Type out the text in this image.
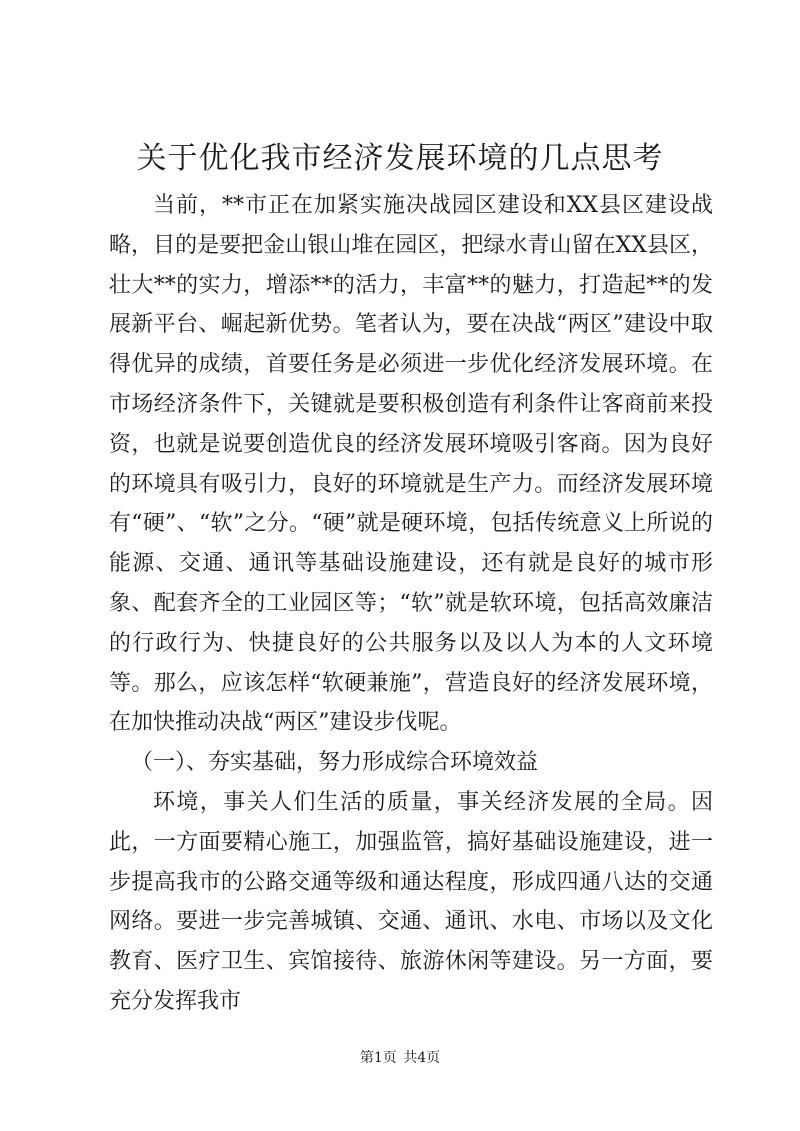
关于优化我市经济发展环境的几点思考

当前，**市正在加紧实施决战园区建设和XX县区建设战略，目的是要把金山银山堆在园区，把绿水青山留在XX县区，壮大**的实力，增添**的活力，丰富**的魅力，打造起**的发展新平台、崛起新优势。笔者认为，要在决战“两区”建设中取得优异的成绩，首要任务是必须进一步优化经济发展环境。在市场经济条件下，关键就是要积极创造有利条件让客商前来投资，也就是说要创造优良的经济发展环境吸引客商。因为良好的环境具有吸引力，良好的环境就是生产力。而经济发展环境有“硬”、“软”之分。“硬”就是硬环境，包括传统意义上所说的能源、交通、通讯等基础设施建设，还有就是良好的城市形象、配套齐全的工业园区等；“软”就是软环境，包括高效廉洁的行政行为、快捷良好的公共服务以及以人为本的人文环境等。那么，应该怎样“软硬兼施”，营造良好的经济发展环境，在加快推动决战“两区”建设步伐呢。

（一）、夯实基础，努力形成综合环境效益

环境，事关人们生活的质量，事关经济发展的全局。因此，一方面要精心施工，加强监管，搞好基础设施建设，进一步提高我市的公路交通等级和通达程度，形成四通八达的交通网络。要进一步完善城镇、交通、通讯、水电、市场以及文化教育、医疗卫生、宾馆接待、旅游休闲等建设。另一方面，要充分发挥我市

第1页 共4页
